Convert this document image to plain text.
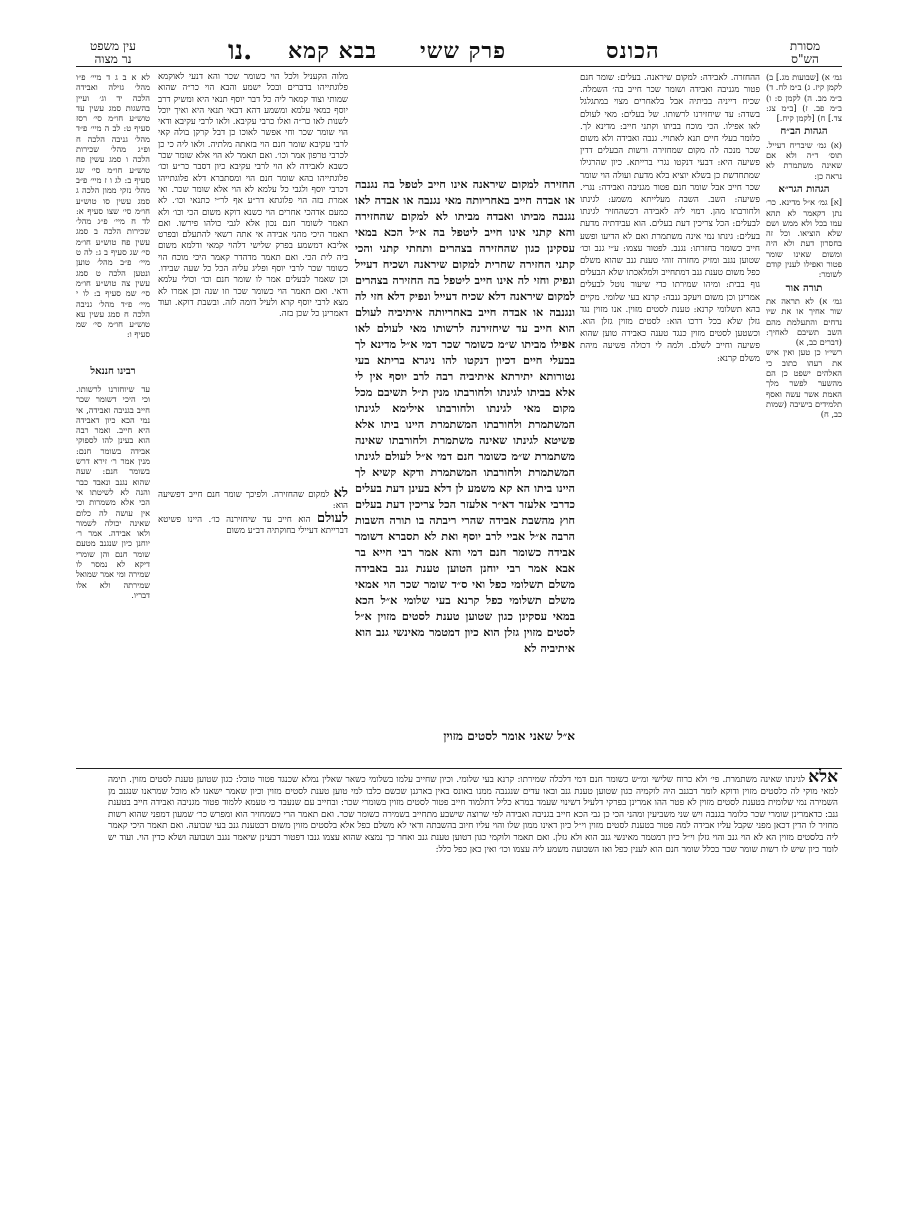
עין משפט
נר מצוה	נו. בבא קמא פרק ששי	הכונס	מסורת
הש"ס
לא א ב ג ד מיי׳ פ״ו מהל׳ גזילה ואבידה הלכה יד וג׳ ועיין בהשגות סמג עשין עד טוש״ע חו״מ סי׳ רסז סעיף ט: לב ה מיי׳ פ״ד מהל׳ גניבה הלכה ח ופ״ג מהל׳ שכירות הלכה ו סמג עשין פח טוש״ע חו״מ סי׳ שג סעיף ב: לג ו ז מיי׳ פ״ב מהל׳ נזקי ממון הלכה ג סמג עשין סו טוש״ע חו״מ סי׳ שצו סעיף א: לד ח מיי׳ פ״ג מהל׳ שכירות הלכה ב סמג עשין פח טוש״ע חו״מ סי׳ שג סעיף ב ג: לה ט מיי׳ פ״ב מהל׳ טוען ונטען הלכה ט סמג עשין צה טוש״ע חו״מ סי׳ שמ סעיף ב: לו י מיי׳ פ״ד מהל׳ גניבה הלכה ח סמג עשין עא טוש״ע חו״מ סי׳ שמ סעיף ו:
רבינו חננאל
עד שיוחזרנו לרשותו. וכי היכי דשומר שכר חייב בגניבה ואבידה, אי נמי הכא כיון דאבידה היא חייב. ואמר רבה הוא בעינן להו לספוקי אבידה בשומר חנם: מנין אמר ר׳ זירא דרש בשומר חנם: שעה שהוא נגנב ונאבד כבר והנה לא לשיטתו אי הכי אלא משמרות וכי אין עושה לה כלום שאינה יכולה לשמור ולאו אבידה. אמר ר׳ יוחנן כיון שנגנב מטעם שומר חנם והן שומרי דיקא לא נמסר לו שמירה ומי אמר שמואל שמירתה ולא אלו דבריו.

גמ׳ א) [שבועות מג.] ב) לקמן קיז. ג) ב״מ לח. ד) ב״מ מב. ה) לקמן ס: ו) ב״מ פב. ז) [ב״מ צג: צד.] ח) [לקמן קיח.]

הגהות הב״ח

(א) גמ׳ שיבריח דעייל. תוס׳ ד״ה ולא אם שאינה משתמרת לא נראה כן:

הגהות הגר״א

[א] גמ׳ א״ל מדינא. כר׳ נתן דקאמר לא תהא עמו בכל ולא ממש ושם שלא הוציאו. וכל זה בחסרון דעת ולא היה ומשום שאינו שומר פטור ואפילו לענין קודם לשומר:

תורה אור

גמ׳ א) לא תראה את שור אחיך או את שיו נדחים והתעלמת מהם השב תשיבם לאחיך: (דברים כב, א)

רשי״ו כן טען ואין איש את רעהו כתוב כי האלהים ישפט כן הם מהשער לפשר מלך האמת אשר עשה ואסף תלמידים בישיבה (שמות כב, ח)

ההחזרה. לאבידה: למקום שיראנה. בעלים: שומר חנם פטור מגניבה ואבידה ושומר שכר חייב בה׳ השמלה. שכיח דייניה בביתיה אבל בלאחרים מצוי במתגלגל בשדה: עד שיחזירנו לרשותו. של בעלים: מאי לעולם לאו אפילו. הכי מוכח בביתו וקתני חייב: מדינא לך. כלומר בעלי חיים תנא לאתויי. גנבה ואבידה ולא משום שכר מנכה לה מקום שמחזירה ורשות הבעלים דדין פשיעה היא: דבעי דנקטו נגרי ברייתא. כיון שהרגילו שמתחדשת כן בשלא יוציא בלא מדעת ועולה הוי שומר שכר חייב אבל שומר חנם פטור מגניבה ואבידה: נגרי. פשיעה: השב. השבה מעלייתא משמע: לגינתו ולחורבתו מהן. דמוי ליה לאבידה דכשהחזיר לגינתו לבעלים: הכל צריכין דעת בעלים. הוא עבידתיה מדעת בעלים: גינתו נמי אינה משתמרת ואם לא הדיעו ופשע חייב כשומר בחזרתו: נגנב. לפטור עצמו: ע״י גנב וכו׳ שטוען נגנב ומזיק מחזרה זוהי טענת גנב שהוא משלם כפל משום טענת גנב דמתחייב ולמלאכתו שלא הבעלים גוף בבית: ומיהו שמירתו כדי שיעור נוטל לבעלים אמרינן וכן משום ויעקב גנבה: קרנא בעי שלומי. מקיים בהא תשלומי קרנא: טענת לסטים מזוין. אנו מזוין נגד גזלן שלא בכל דרכו הוא: לסטים מזוין גזלן הוא. וכשטען לסטים מזוין כנגד טענה כאבידה טוען שהוא פשיעה וחייב לשלם. ולמה לי דכולה פשיעה מיהת משלם קרנא:
מלוה הקעניל ולכל הוי כשומר שכר והא דנעי לאוקמא פלוגתייהו בדברים ובכל ישמע והבא הוי כר״ה שהוא שמותי וצוד קמאר ליה כל דבר יוסף תנאי היא ומשיק דרב יוסף כמאי עלמא ומשמע דהא דבאי תנאי היא ואיך יוכל לשנות לאו כר״ה ואלו כרבי עקיבא. ולאו לרבי עקיבא ודאי הוי שומר שכר וחי אפשר לאוכו כן דבל קרקן בולה קאי לרבי עקיבא שומר חנם הוי בזאתה מלתיה. ולאו ליה כי כן לכרבי טרפון אמר וכו׳. ואם תאמר לא הוי אלא שומר שכר כשבא לאבידה לא הוי לרבי עקיבא כיון דסבר כר״ע וכו׳ פלוגתייהו בהא שומר חנם הוי ומסתברא דלא פלוגתייהו דכרבי יוסף ולגבי כל עלמא לא הוי אלא שומר שכר. ואי אמרת בזה הוי פלוגתא דר״ע אף לר״י כתנאי וכו׳. לא כמעם אדהכי אחרים הוי כשנא דוקא משום הכי וכו׳ ולא תאמר לשומר חנם נכון אלא לגבי כולהו פירשו. ואם תאמר היכי מהני אבידה אי אתה רשאי להתעלם ובפרט אליבא דמשמע בפרק שלישי דלהוי קמאי ודלמא משום ביה לית הכי. ואם תאמר מדהדר קאמר היכי מוכח הוי כשומר שכר לרבי יוסף ופליג עליה הכל כל שעה שבידו. וכן שאמר לבעלים אמר לו שומר חנם וכו׳ וכולי עלמא ודאי. ואם תאמר הוי כשומר שכר וזו שנה וכן אמרו לא מצא לרבי יוסף קרא ולעיל דומה לזה. ובשבת דוקא. ועוד דאמרינן כל שכן בזה.

לא למקום שהחזירה. ולפיכך שומר חנם חייב דפשיעה הוא:

לעולם הוא חייב עד שיחזירנה כו׳. היינו פשיטא דברייתא דעיילי בחוקתיה דב״ע משום

החזירה למקום שיראנה אינו חייב לטפל בה נגנבה או אבדה חייב באחריותה מאי נגנבה או אבדה לאו נגנבה מביתו ואבדה מביתו לא למקום שהחזירה והא קתני אינו חייב ליטפל בה א״ל הכא במאי עסקינן כגון שהחזירה בצהרים ותחתי קתני והכי קתני החזירה שחרית למקום שיראנה ושכיח דעייל ונפיק וחזי לה אינו חייב ליטפל בה החזירה בצהרים למקום שיראנה דלא שכיח דעייל ונפיק דלא חזי לה ונגנבה או אבדה חייב באחריותה איתיביה לעולם הוא חייב עד שיחזירנה לרשותו מאי לעולם לאו אפילו מביתו ש״מ כשומר שכר דמי א״ל מדינא לך בבעלי חיים דכיון דנקטו להו ניגרא בריתא בעי נטורותא יתירתא איתיביה רבה לרב יוסף אין לי אלא בביתו לגינתו ולחורבתו מנין ת״ל תשיבם מכל מקום מאי לגינתו ולחורבתו אילימא לגינתו המשתמרת ולחורבתו המשתמרת היינו ביתו אלא פשיטא לגינתו שאינה משתמרת ולחורבתו שאינה משתמרת ש״מ כשומר חנם דמי א״ל לעולם לגינתו המשתמרת ולחורבתו המשתמרת ודקא קשיא לך היינו ביתו הא קא משמע לן דלא בעינן דעת בעלים כדרבי אלעזר דא״ר אלעזר הכל צריכין דעת בעלים חוץ מהשבת אבידה שהרי ריבתה בו תורה השבות הרבה א״ל אביי לרב יוסף ואת לא תסברא דשומר אבידה כשומר חנם דמי והא אמר רבי חייא בר אבא אמר רבי יוחנן הטוען טענת גנב באבידה משלם תשלומי כפל ואי ס״ד שומר שכר הוי אמאי משלם תשלומי כפל קרנא בעי שלומי א״ל הכא במאי עסקינן כגון שטוען טענת לסטים מזוין א״ל לסטים מזוין גזלן הוא כיון דמטמר מאינשי גנב הוא איתיביה לא
א״ל שאני אומר לסטים מזוין
אלא לגינתו שאינה משתמרת. פי׳ ולא כרוח שלישי ומ״ש כשומר חנם דמי דלכלה שמירתו: קרנא בעי שלומי. וכיון שחייב עלמו בשלומי כשאר שאלין נמלא שכנגד פטור טובל: כגון שטוען טענת לסטים מזוין. תימה למאי מוקי לה כלסטים מזוין ודוקא לומר דבגנב היה לוקמיה כגון שטוען טענת גנב ובאו עדים שנגנבה ממנו באונס באין בארגנן שכשם כלבו למי טוען טענת לסטים מזוין וכיון שאמר ישאנו לא מוכל שמראנו שנגנב מן השמירה נמי שלומית בטענת לסטים מזוין לא פטר ההו אמרינן בפרקי דלעיל דשינוי שעמד במרא כליל דתלמוד חייב פטור לסטים מזוין בשומרי שכר: ובחייב עם שנעבד כי טעמא ללמוד פטור מגניבה ואבידה חייב בטענת גנב: כדאמרינן שומרי שכר כלומר בגנבה ויש שני משביעין ומהני הכי כן גבי הכא חייב בגניבה ואבידה לפי שרוצה שישבע מתחייב בשמירה כשומר שכר. ואם תאמר הרי כשמחזיר הוא ומפרש כר׳ שמעון דמפני שהוא רשות מחזיר לו הדין דכאן מפני שקבל עליו אבידה למה פטור בטענת לסטים מזוין וי״ל כיון דאינו ממון שלו והוי עליו חיוב בהשבתה ודאי לא משלם כפל אלא בלסטים מזוין משום דבטענת גנב בעי שבועה. ואם תאמר היכי קאמר ליה בלסטים מזוין הא לא הוי גנב והוי גזלן וי״ל כיון דמטמר מאינשי גנב הוא ולא גזלן. ואם תאמר ולוקמי כגון דטוען טענת גנב ואחר כך נמצא שהוא עצמו גנבו דפטור דבעינן שיאמר נגנב ושבועה ושלא כדין הוי. ועוד יש לומר כיון שיש לו רשות שומר שכר בכלל שומר חנם הוא לענין כפל ואז השבועה משמע ליה עצמו וכו׳ ואין כאן כפל כלל:
